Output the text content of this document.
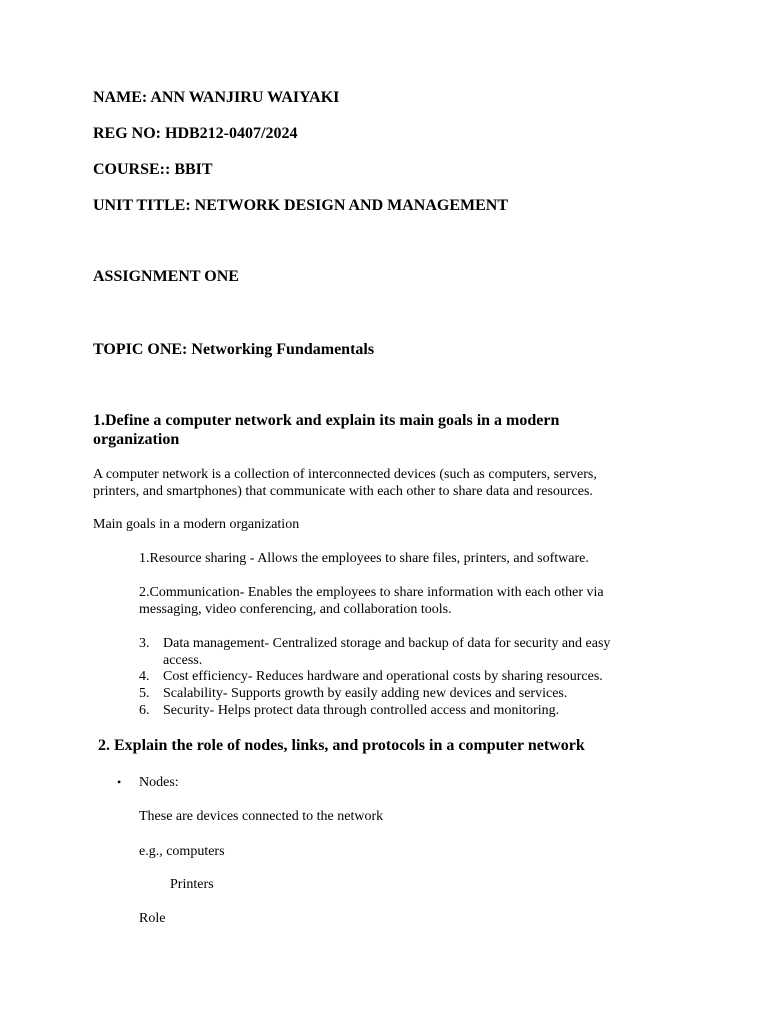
NAME: ANN WANJIRU WAIYAKI
REG NO: HDB212-0407/2024
COURSE:: BBIT
UNIT TITLE: NETWORK DESIGN AND MANAGEMENT
ASSIGNMENT ONE
TOPIC ONE: Networking Fundamentals
1.Define a computer network and explain its main goals in a modern
organization
A computer network is a collection of interconnected devices (such as computers, servers,
printers, and smartphones) that communicate with each other to share data and resources.
Main goals in a modern organization
1.Resource sharing - Allows the employees to share files, printers, and software.
2.Communication- Enables the employees to share information with each other via
messaging, video conferencing, and collaboration tools.
3. Data management- Centralized storage and backup of data for security and easy
access.
4. Cost efficiency- Reduces hardware and operational costs by sharing resources.
5. Scalability- Supports growth by easily adding new devices and services.
6. Security- Helps protect data through controlled access and monitoring.
2. Explain the role of nodes, links, and protocols in a computer network
• Nodes:
These are devices connected to the network
e.g., computers
Printers
Role
